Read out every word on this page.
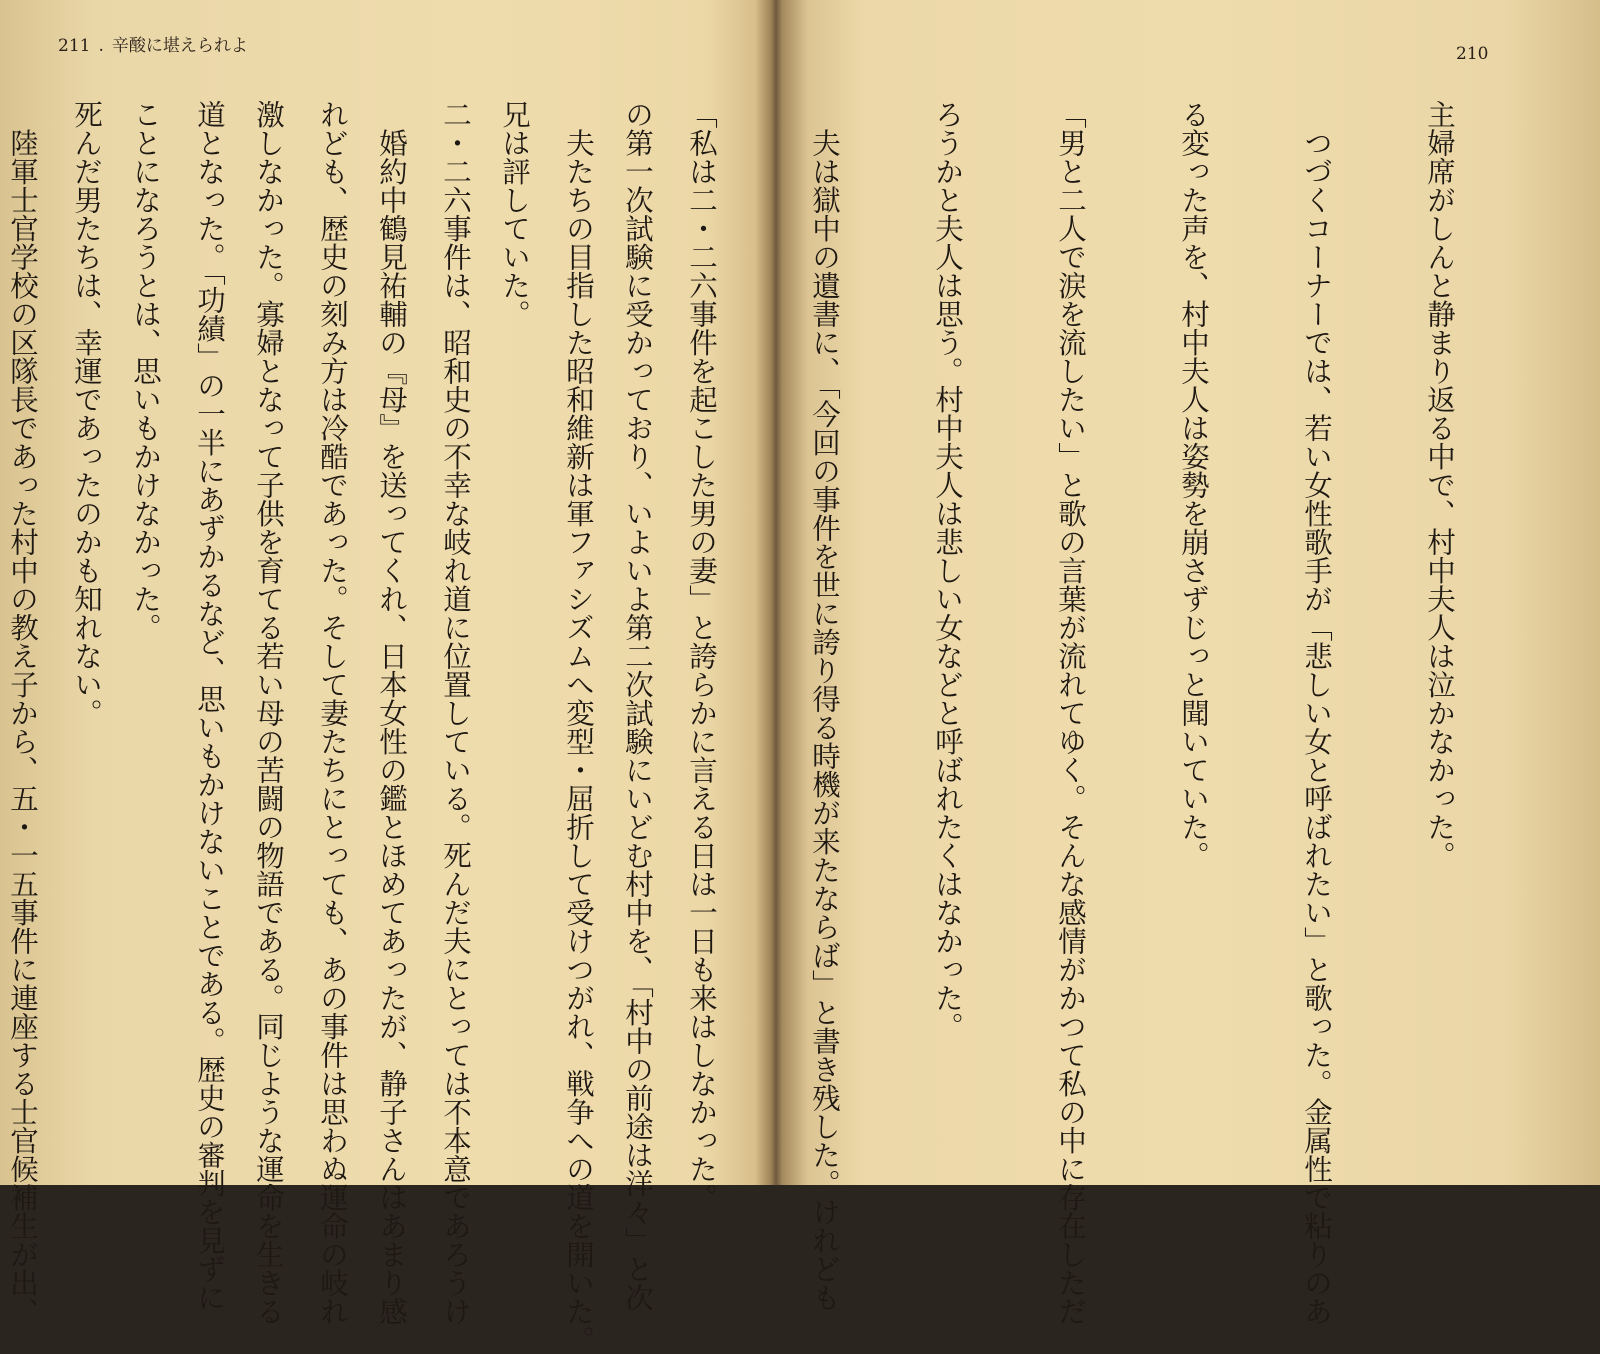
211 . 辛酸に堪えられよ

の第一次試験に受かっており、いよいよ第二次試験にいどむ村中を、「村中の前途は洋々」と次

兄は評していた。

　婚約中鶴見祐輔の『母』を送ってくれ、日本女性の鑑とほめてあったが、静子さんはあまり感

激しなかった。寡婦となって子供を育てる若い母の苦闘の物語である。同じような運命を生きる

ことになろうとは、思いもかけなかった。

　陸軍士官学校の区隊長であった村中の教え子から、五・一五事件に連座する士官候補生が出、

210

主婦席がしんと静まり返る中で、村中夫人は泣かなかった。

　つづくコーナーでは、若い女性歌手が「悲しい女と呼ばれたい」と歌った。金属性で粘りのあ

る変った声を、村中夫人は姿勢を崩さずじっと聞いていた。

「男と二人で涙を流したい」と歌の言葉が流れてゆく。そんな感情がかつて私の中に存在しただ

ろうかと夫人は思う。村中夫人は悲しい女などと呼ばれたくはなかった。

　夫は獄中の遺書に、「今回の事件を世に誇り得る時機が来たならば」と書き残した。けれども

「私は二・二六事件を起こした男の妻」と誇らかに言える日は一日も来はしなかった。

　夫たちの目指した昭和維新は軍ファシズムへ変型・屈折して受けつがれ、戦争への道を開いた。

二・二六事件は、昭和史の不幸な岐れ道に位置している。死んだ夫にとっては不本意であろうけ

れども、歴史の刻み方は冷酷であった。そして妻たちにとっても、あの事件は思わぬ運命の岐れ

道となった。「功績」の一半にあずかるなど、思いもかけないことである。歴史の審判を見ずに

死んだ男たちは、幸運であったのかも知れない。
